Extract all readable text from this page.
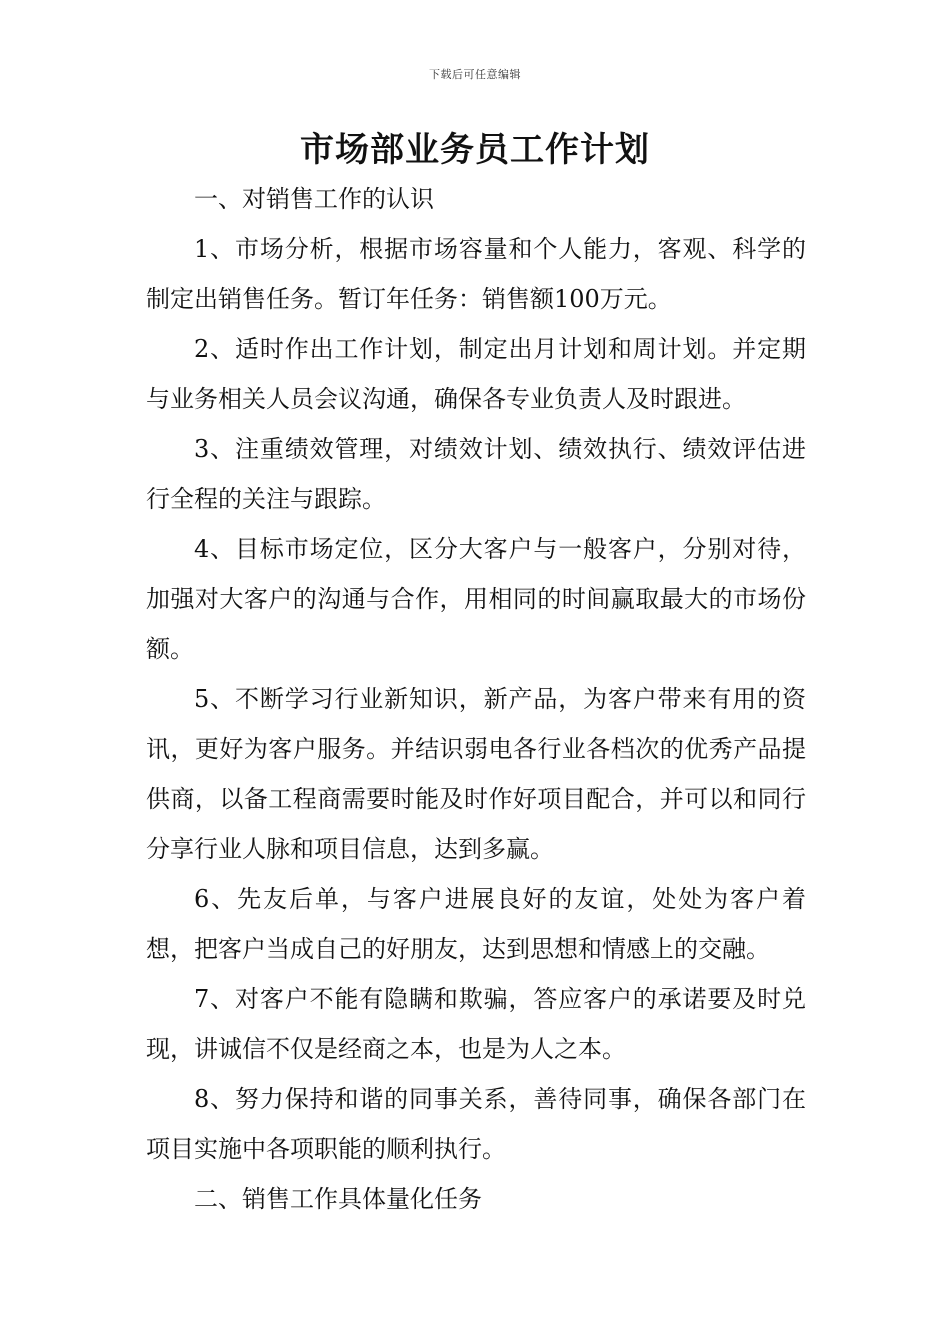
下载后可任意编辑
市场部业务员工作计划

一、对销售工作的认识

1、市场分析，根据市场容量和个人能力，客观、科学的制定出销售任务。暂订年任务：销售额100万元。

2、适时作出工作计划，制定出月计划和周计划。并定期与业务相关人员会议沟通，确保各专业负责人及时跟进。

3、注重绩效管理，对绩效计划、绩效执行、绩效评估进行全程的关注与跟踪。

4、目标市场定位，区分大客户与一般客户，分别对待，加强对大客户的沟通与合作，用相同的时间赢取最大的市场份额。

5、不断学习行业新知识，新产品，为客户带来有用的资讯，更好为客户服务。并结识弱电各行业各档次的优秀产品提供商，以备工程商需要时能及时作好项目配合，并可以和同行分享行业人脉和项目信息，达到多赢。

6、先友后单，与客户进展良好的友谊，处处为客户着想，把客户当成自己的好朋友，达到思想和情感上的交融。

7、对客户不能有隐瞒和欺骗，答应客户的承诺要及时兑现，讲诚信不仅是经商之本，也是为人之本。

8、努力保持和谐的同事关系，善待同事，确保各部门在项目实施中各项职能的顺利执行。

二、销售工作具体量化任务
